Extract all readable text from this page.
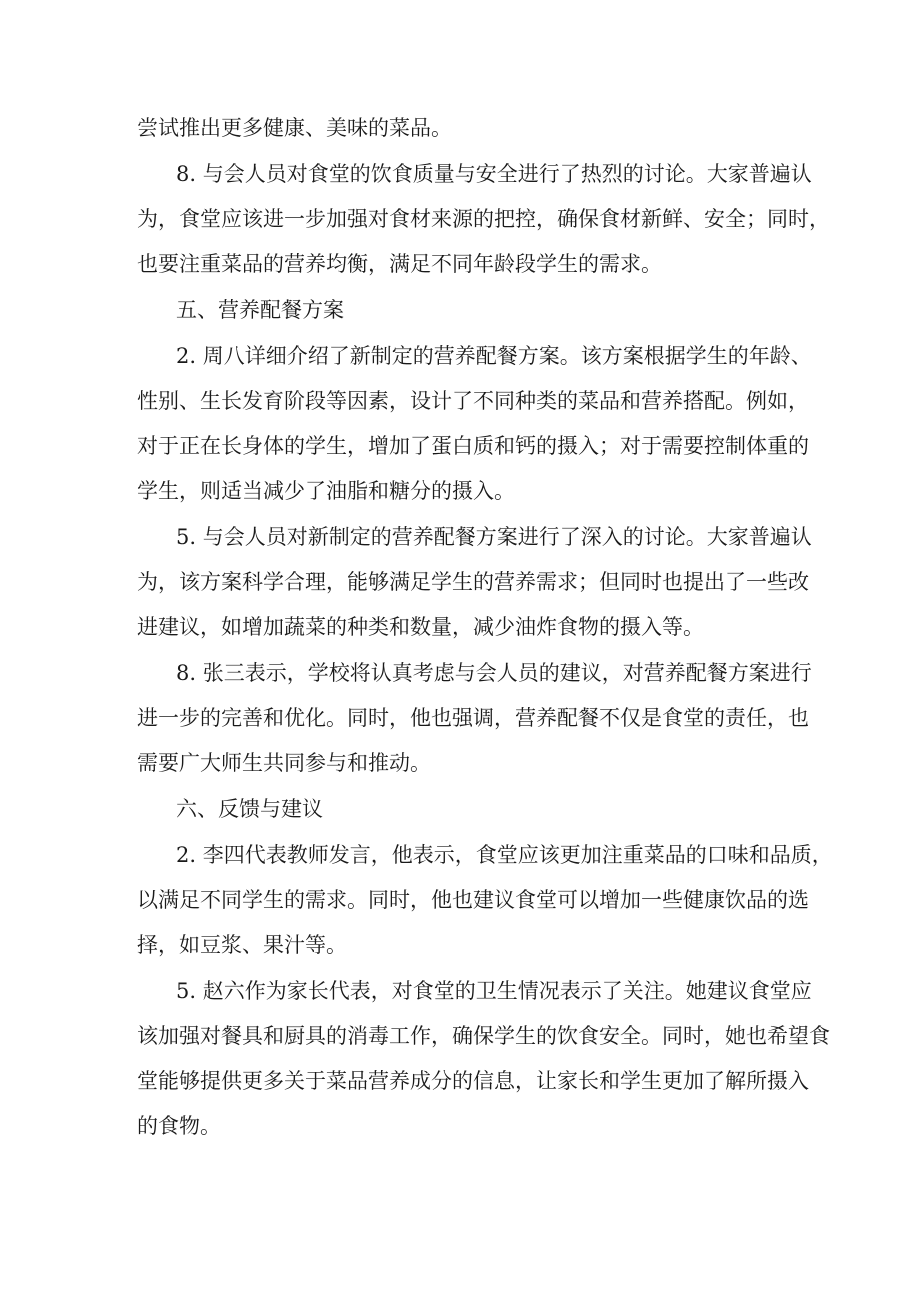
尝试推出更多健康、美味的菜品。

8. 与会人员对食堂的饮食质量与安全进行了热烈的讨论。大家普遍认

为，食堂应该进一步加强对食材来源的把控，确保食材新鲜、安全；同时，

也要注重菜品的营养均衡，满足不同年龄段学生的需求。

五、营养配餐方案

2. 周八详细介绍了新制定的营养配餐方案。该方案根据学生的年龄、

性别、生长发育阶段等因素，设计了不同种类的菜品和营养搭配。例如，

对于正在长身体的学生，增加了蛋白质和钙的摄入；对于需要控制体重的

学生，则适当减少了油脂和糖分的摄入。

5. 与会人员对新制定的营养配餐方案进行了深入的讨论。大家普遍认

为，该方案科学合理，能够满足学生的营养需求；但同时也提出了一些改

进建议，如增加蔬菜的种类和数量，减少油炸食物的摄入等。

8. 张三表示，学校将认真考虑与会人员的建议，对营养配餐方案进行

进一步的完善和优化。同时，他也强调，营养配餐不仅是食堂的责任，也

需要广大师生共同参与和推动。

六、反馈与建议

2. 李四代表教师发言，他表示，食堂应该更加注重菜品的口味和品质，

以满足不同学生的需求。同时，他也建议食堂可以增加一些健康饮品的选

择，如豆浆、果汁等。

5. 赵六作为家长代表，对食堂的卫生情况表示了关注。她建议食堂应

该加强对餐具和厨具的消毒工作，确保学生的饮食安全。同时，她也希望食

堂能够提供更多关于菜品营养成分的信息，让家长和学生更加了解所摄入

的食物。
